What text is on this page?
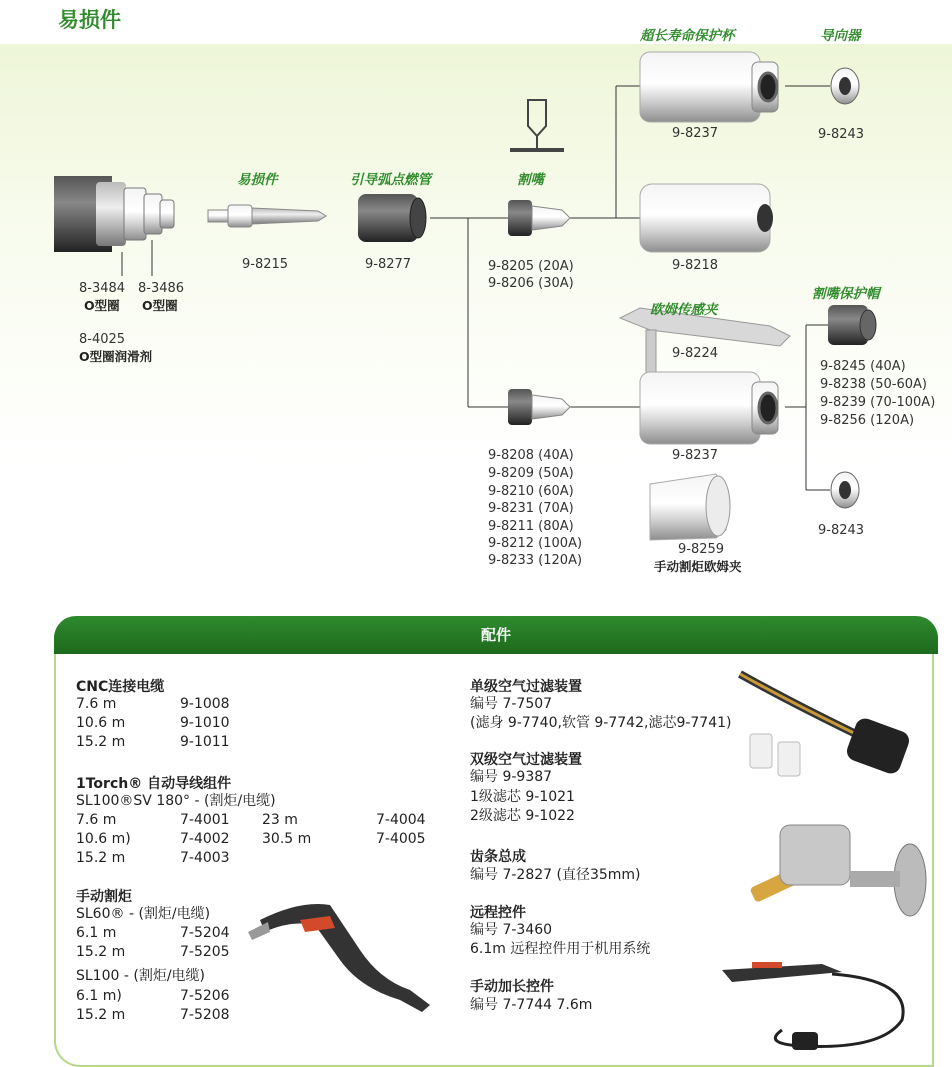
易损件
超长寿命保护杯	导向器
易损件	引导弧点燃管	割嘴
欧姆传感夹
割嘴保护帽
9-8237	9-8243
9-8215	9-8277	9-8218
9-8205 (20A)
9-8206 (30A)
8-3484
O型圈
8-3486
O型圈
8-4025
O型圈润滑剂	9-8224
9-8245 (40A)
9-8238 (50-60A)
9-8239 (70-100A)
9-8256 (120A)
9-8237
9-8208 (40A)
9-8209 (50A)
9-8210 (60A)
9-8231 (70A)
9-8211 (80A)
9-8212 (100A)
9-8233 (120A)
9-8243
9-8259
手动割炬欧姆夹
配件
CNC连接电缆
7.6 m	9-1008
10.6 m	9-1010
15.2 m	9-1011
1Torch® 自动导线组件
SL100®SV 180° - (割炬/电缆)
7.6 m	7-4001 23 m	7-4004
10.6 m)	7-4002 30.5 m	7-4005
15.2 m	7-4003
手动割炬
SL60® - (割炬/电缆)
6.1 m	7-5204
15.2 m	7-5205
SL100 - (割炬/电缆)
6.1 m)	7-5206
15.2 m	7-5208
单级空气过滤装置
编号 7-7507
(滤身 9-7740,软管 9-7742,滤芯9-7741)
双级空气过滤装置
编号 9-9387
1级滤芯 9-1021
2级滤芯 9-1022
齿条总成
编号 7-2827 (直径35mm)
远程控件
编号 7-3460
6.1m 远程控件用于机用系统
手动加长控件
编号 7-7744 7.6m
